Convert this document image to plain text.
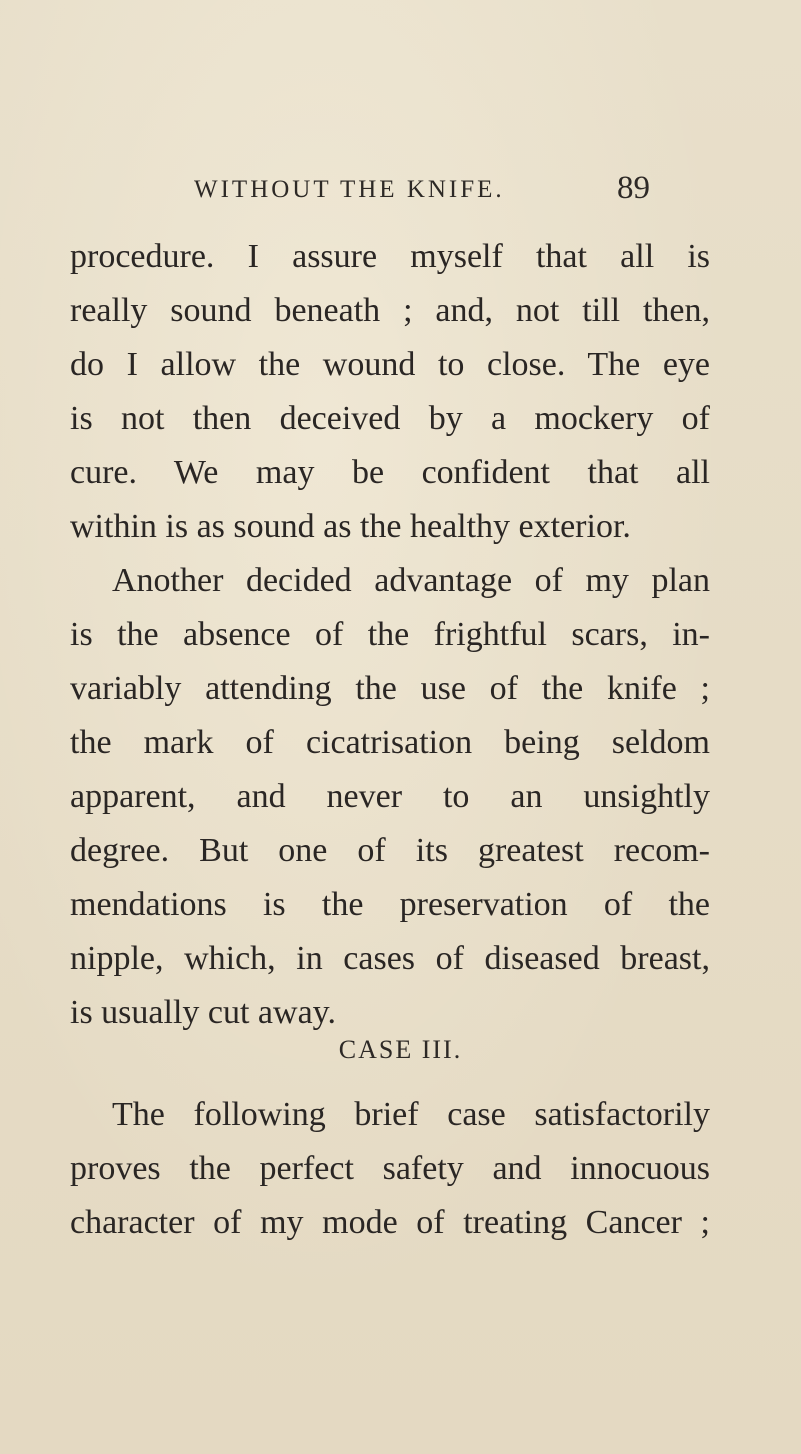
WITHOUT THE KNIFE.	89
procedure. I assure myself that all is
really sound beneath ; and, not till then,
do I allow the wound to close. The eye
is not then deceived by a mockery of
cure. We may be confident that all
within is as sound as the healthy exterior.
Another decided advantage of my plan
is the absence of the frightful scars, in-
variably attending the use of the knife ;
the mark of cicatrisation being seldom
apparent, and never to an unsightly
degree. But one of its greatest recom-
mendations is the preservation of the
nipple, which, in cases of diseased breast,
is usually cut away.
CASE III.
The following brief case satisfactorily
proves the perfect safety and innocuous
character of my mode of treating Cancer ;
